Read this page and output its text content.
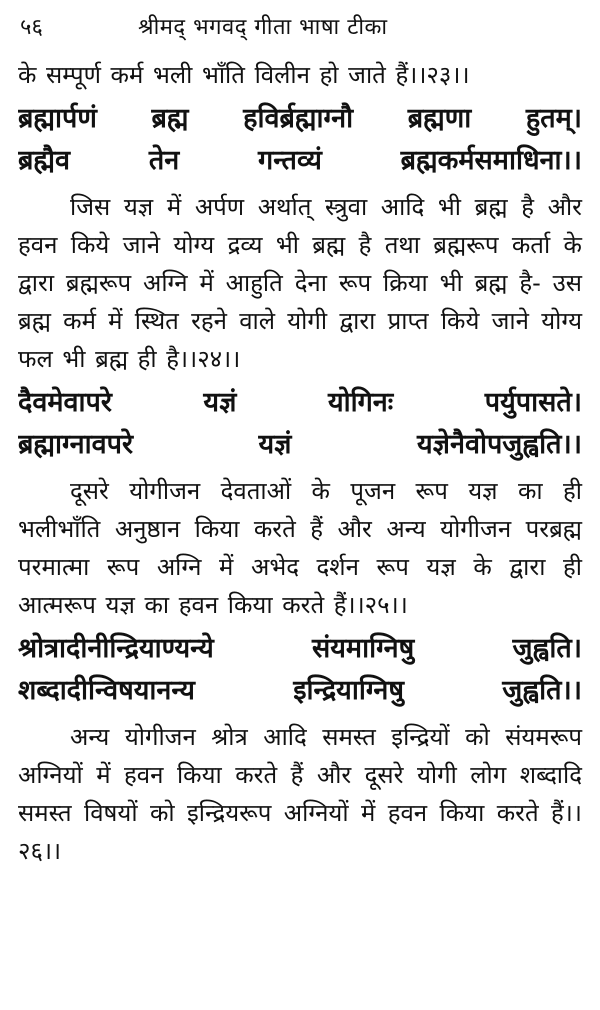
५६	श्रीमद् भगवद् गीता भाषा टीका

के सम्पूर्ण कर्म भली भाँति विलीन हो जाते हैं।।२३।।

ब्रह्मार्पणं ब्रह्म हविर्ब्रह्माग्नौ ब्रह्मणा हुतम्।
ब्रह्मैव तेन गन्तव्यं ब्रह्मकर्मसमाधिना।।

जिस यज्ञ में अर्पण अर्थात् स्त्रुवा आदि भी ब्रह्म है और हवन किये जाने योग्य द्रव्य भी ब्रह्म है तथा ब्रह्मरूप कर्ता के द्वारा ब्रह्मरूप अग्नि में आहुति देना रूप क्रिया भी ब्रह्म है- उस ब्रह्म कर्म में स्थित रहने वाले योगी द्वारा प्राप्त किये जाने योग्य फल भी ब्रह्म ही है।।२४।।

दैवमेवापरे यज्ञं योगिनः पर्युपासते।
ब्रह्माग्नावपरे यज्ञं यज्ञेनैवोपजुह्वति।।

दूसरे योगीजन देवताओं के पूजन रूप यज्ञ का ही भलीभाँति अनुष्ठान किया करते हैं और अन्य योगीजन परब्रह्म परमात्मा रूप अग्नि में अभेद दर्शन रूप यज्ञ के द्वारा ही आत्मरूप यज्ञ का हवन किया करते हैं।।२५।।

श्रोत्रादीनीन्द्रियाण्यन्ये संयमाग्निषु जुह्वति।
शब्दादीन्विषयानन्य इन्द्रियाग्निषु जुह्वति।।

अन्य योगीजन श्रोत्र आदि समस्त इन्द्रियों को संयमरूप अग्नियों में हवन किया करते हैं और दूसरे योगी लोग शब्दादि समस्त विषयों को इन्द्रियरूप अग्नियों में हवन किया करते हैं।।२६।।
